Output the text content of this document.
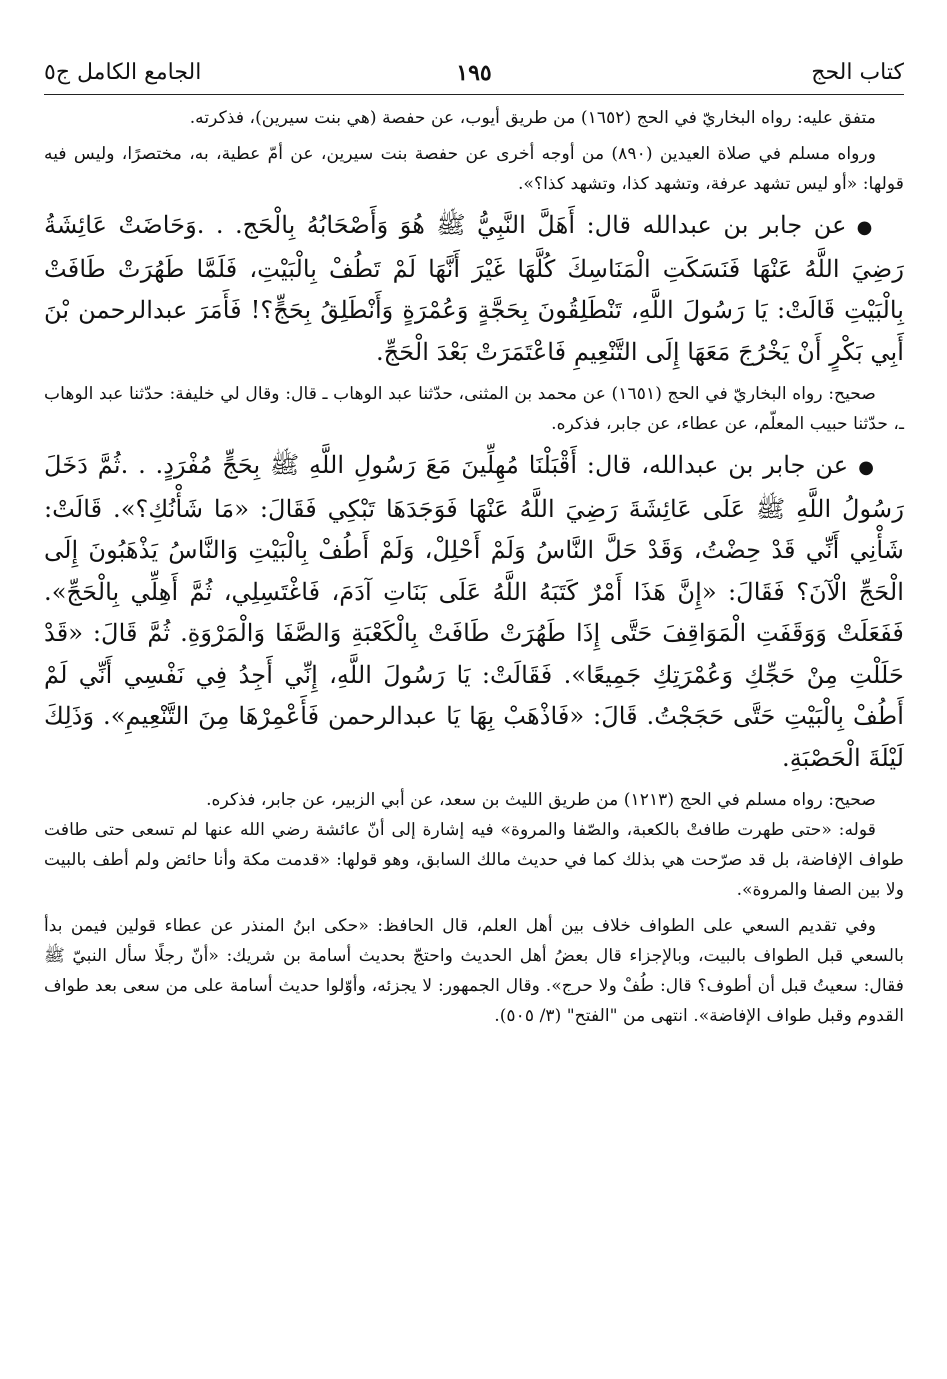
كتاب الحج
١٩٥
الجامع الكامل ج٥

متفق عليه: رواه البخاريّ في الحج (١٦٥٢) من طريق أيوب، عن حفصة (هي بنت سيرين)، فذكرته.

ورواه مسلم في صلاة العيدين (٨٩٠) من أوجه أخرى عن حفصة بنت سيرين، عن أمّ عطية، به، مختصرًا، وليس فيه قولها: «أو ليس تشهد عرفة، وتشهد كذا، وتشهد كذا؟».

●عن جابر بن عبدالله قال: أَهَلَّ النَّبِيُّ ﷺ هُوَ وَأَصْحَابُهُ بِالْحَج. . .وَحَاضَتْ عَائِشَةُ رَضِيَ اللَّهُ عَنْهَا فَنَسَكَتِ الْمَنَاسِكَ كُلَّهَا غَيْرَ أَنَّهَا لَمْ تَطُفْ بِالْبَيْتِ، فَلَمَّا طَهُرَتْ طَافَتْ بِالْبَيْتِ قَالَتْ: يَا رَسُولَ اللَّهِ، تَنْطَلِقُونَ بِحَجَّةٍ وَعُمْرَةٍ وَأَنْطَلِقُ بِحَجٍّ؟! فَأَمَرَ عبدالرحمن بْنَ أَبِي بَكْرٍ أَنْ يَخْرُجَ مَعَهَا إِلَى التَّنْعِيمِ فَاعْتَمَرَتْ بَعْدَ الْحَجِّ.

صحيح: رواه البخاريّ في الحج (١٦٥١) عن محمد بن المثنى، حدّثنا عبد الوهاب ـ قال: وقال لي خليفة: حدّثنا عبد الوهاب ـ، حدّثنا حبيب المعلّم، عن عطاء، عن جابر، فذكره.

●عن جابر بن عبدالله، قال: أَقْبَلْنَا مُهِلِّينَ مَعَ رَسُولِ اللَّهِ ﷺ بِحَجٍّ مُفْرَدٍ. . .ثُمَّ دَخَلَ رَسُولُ اللَّهِ ﷺ عَلَى عَائِشَةَ رَضِيَ اللَّهُ عَنْهَا فَوَجَدَهَا تَبْكِي فَقَالَ: «مَا شَأْنُكِ؟». قَالَتْ: شَأْنِي أَنِّي قَدْ حِضْتُ، وَقَدْ حَلَّ النَّاسُ وَلَمْ أَحْلِلْ، وَلَمْ أَطُفْ بِالْبَيْتِ وَالنَّاسُ يَذْهَبُونَ إِلَى الْحَجِّ الْآنَ؟ فَقَالَ: «إِنَّ هَذَا أَمْرٌ كَتَبَهُ اللَّهُ عَلَى بَنَاتِ آدَمَ، فَاغْتَسِلِي، ثُمَّ أَهِلِّي بِالْحَجِّ». فَفَعَلَتْ وَوَقَفَتِ الْمَوَاقِفَ حَتَّى إِذَا طَهُرَتْ طَافَتْ بِالْكَعْبَةِ وَالصَّفَا وَالْمَرْوَةِ. ثُمَّ قَالَ: «قَدْ حَلَلْتِ مِنْ حَجِّكِ وَعُمْرَتِكِ جَمِيعًا». فَقَالَتْ: يَا رَسُولَ اللَّهِ، إِنِّي أَجِدُ فِي نَفْسِي أَنِّي لَمْ أَطُفْ بِالْبَيْتِ حَتَّى حَجَجْتُ. قَالَ: «فَاذْهَبْ بِهَا يَا عبدالرحمن فَأَعْمِرْهَا مِنَ التَّنْعِيمِ». وَذَلِكَ لَيْلَةَ الْحَصْبَةِ.

صحيح: رواه مسلم في الحج (١٢١٣) من طريق الليث بن سعد، عن أبي الزبير، عن جابر، فذكره.

قوله: «حتى طهرت طافتْ بالكعبة، والصّفا والمروة» فيه إشارة إلى أنّ عائشة رضي الله عنها لم تسعى حتى طافت طواف الإفاضة، بل قد صرّحت هي بذلك كما في حديث مالك السابق، وهو قولها: «قدمت مكة وأنا حائض ولم أطف بالبيت ولا بين الصفا والمروة».

وفي تقديم السعي على الطواف خلاف بين أهل العلم، قال الحافظ: «حكى ابنُ المنذر عن عطاء قولين فيمن بدأ بالسعي قبل الطواف بالبيت، وبالإجزاء قال بعضُ أهل الحديث واحتجّ بحديث أسامة بن شريك: «أنّ رجلًا سأل النبيّ ﷺ فقال: سعيتُ قبل أن أطوف؟ قال: طُفْ ولا حرج». وقال الجمهور: لا يجزئه، وأوّلوا حديث أسامة على من سعى بعد طواف القدوم وقبل طواف الإفاضة». انتهى من "الفتح" (٣/ ٥٠٥).
